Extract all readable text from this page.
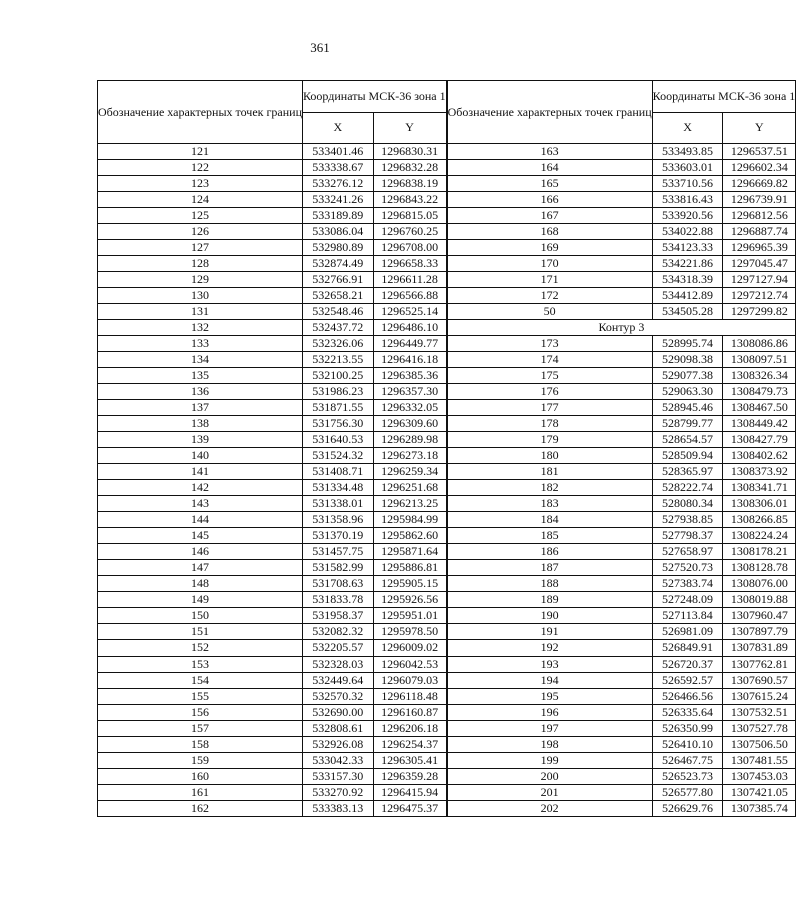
361
Обозначение характерных точек границ	Координаты МСК-36 зона 1	
	X	Y
121	533401.46	1296830.31
122	533338.67	1296832.28
123	533276.12	1296838.19
124	533241.26	1296843.22
125	533189.89	1296815.05
126	533086.04	1296760.25
127	532980.89	1296708.00
128	532874.49	1296658.33
129	532766.91	1296611.28
130	532658.21	1296566.88
131	532548.46	1296525.14
132	532437.72	1296486.10
133	532326.06	1296449.77
134	532213.55	1296416.18
135	532100.25	1296385.36
136	531986.23	1296357.30
137	531871.55	1296332.05
138	531756.30	1296309.60
139	531640.53	1296289.98
140	531524.32	1296273.18
141	531408.71	1296259.34
142	531334.48	1296251.68
143	531338.01	1296213.25
144	531358.96	1295984.99
145	531370.19	1295862.60
146	531457.75	1295871.64
147	531582.99	1295886.81
148	531708.63	1295905.15
149	531833.78	1295926.56
150	531958.37	1295951.01
151	532082.32	1295978.50
152	532205.57	1296009.02
153	532328.03	1296042.53
154	532449.64	1296079.03
155	532570.32	1296118.48
156	532690.00	1296160.87
157	532808.61	1296206.18
158	532926.08	1296254.37
159	533042.33	1296305.41
160	533157.30	1296359.28
161	533270.92	1296415.94
162	533383.13	1296475.37
Обозначение характерных точек границ	Координаты МСК-36 зона 1	
	X	Y
163	533493.85	1296537.51
164	533603.01	1296602.34
165	533710.56	1296669.82
166	533816.43	1296739.91
167	533920.56	1296812.56
168	534022.88	1296887.74
169	534123.33	1296965.39
170	534221.86	1297045.47
171	534318.39	1297127.94
172	534412.89	1297212.74
50	534505.28	1297299.82
Контур 3		
173	528995.74	1308086.86
174	529098.38	1308097.51
175	529077.38	1308326.34
176	529063.30	1308479.73
177	528945.46	1308467.50
178	528799.77	1308449.42
179	528654.57	1308427.79
180	528509.94	1308402.62
181	528365.97	1308373.92
182	528222.74	1308341.71
183	528080.34	1308306.01
184	527938.85	1308266.85
185	527798.37	1308224.24
186	527658.97	1308178.21
187	527520.73	1308128.78
188	527383.74	1308076.00
189	527248.09	1308019.88
190	527113.84	1307960.47
191	526981.09	1307897.79
192	526849.91	1307831.89
193	526720.37	1307762.81
194	526592.57	1307690.57
195	526466.56	1307615.24
196	526335.64	1307532.51
197	526350.99	1307527.78
198	526410.10	1307506.50
199	526467.75	1307481.55
200	526523.73	1307453.03
201	526577.80	1307421.05
202	526629.76	1307385.74
